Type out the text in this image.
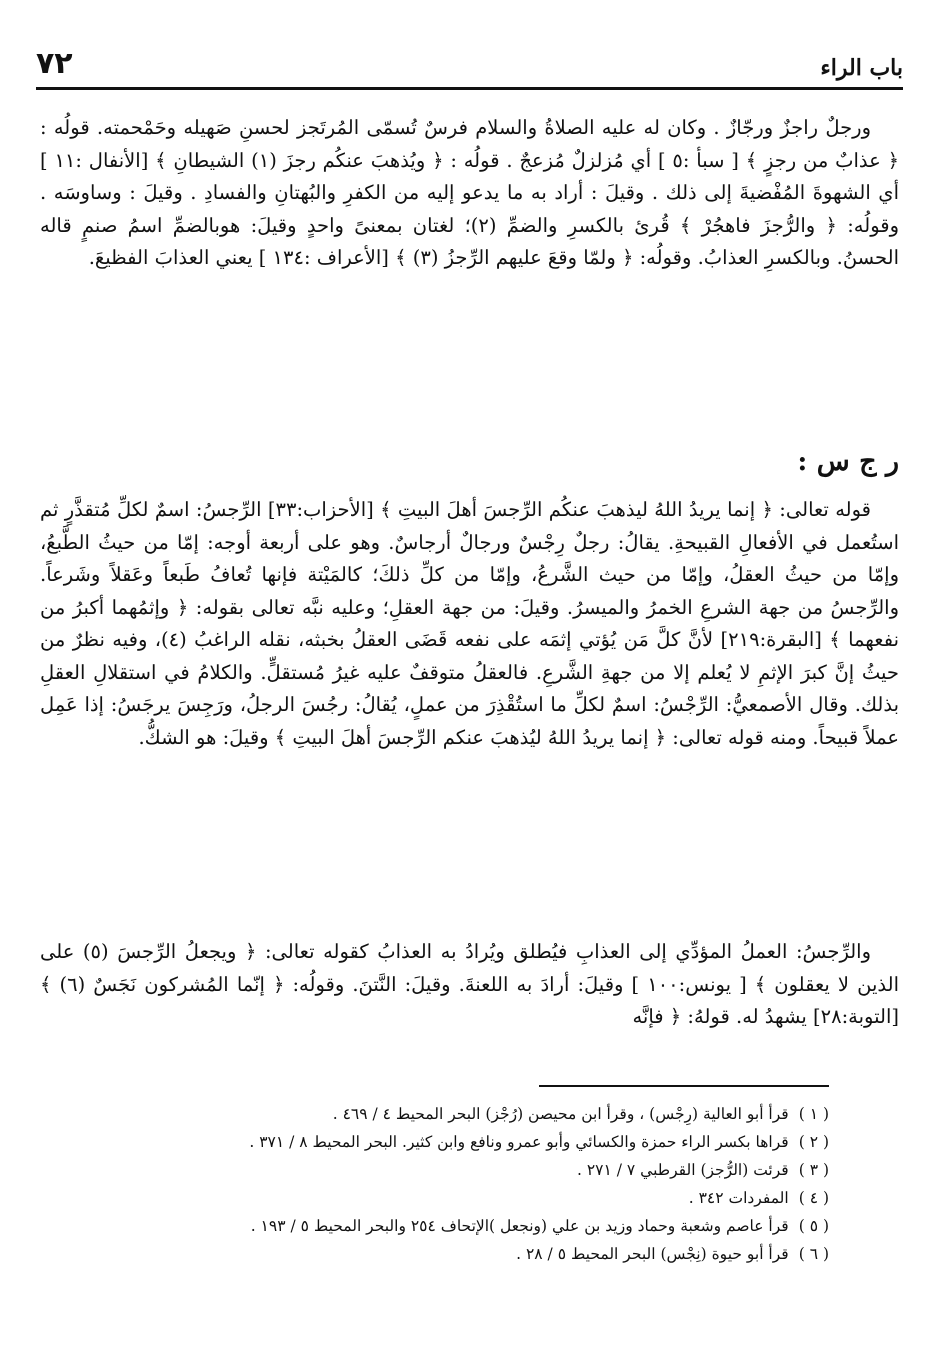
٧٢	باب الراء

ورجلٌ راجزٌ ورجّازٌ . وكان له عليه الصلاةُ والسلام فرسٌ تُسمّى المُرتَجز لحسنِ صَهيله وحَمْحمته. قولُه : ﴿ عذابٌ من رجزٍ ﴾ [ سبأ :٥ ] أي مُزلزلٌ مُزعجٌ . قولُه : ﴿ ويُذهبَ عنكُم رجزَ (١) الشيطانِ ﴾ [الأنفال :١١ ] أي الشهوةَ المُفْضيةَ إلى ذلك . وقيلَ : أراد به ما يدعو إليه من الكفرِ والبُهتانِ والفسادِ . وقيلَ : وساوسَه . وقولُه: ﴿ والرُّجزَ فاهجُرْ ﴾ قُرئ بالكسرِ والضمِّ (٢)؛ لغتان بمعنىً واحدٍ وقيلَ: هوبالضمِّ اسمُ صنمٍ قاله الحسنُ. وبالكسرِ العذابُ. وقولُه: ﴿ ولمّا وقعَ عليهم الرِّجزُ (٣) ﴾ [الأعراف :١٣٤ ] يعني العذابَ الفظيعَ.

ر ج س :

قوله تعالى: ﴿ إنما يريدُ اللهُ ليذهبَ عنكُم الرِّجسَ أهلَ البيتِ ﴾ [الأحزاب:٣٣] الرِّجسُ: اسمٌ لكلِّ مُتقذَّرٍ ثم استُعمل في الأفعالِ القبيحةِ. يقالُ: رجلٌ رِجْسٌ ورجالٌ أرجاسٌ. وهو على أربعة أوجه: إمّا من حيثُ الطَّبعُ، وإمّا من حيثُ العقلُ، وإمّا من حيث الشَّرعُ، وإمّا من كلِّ ذلكَ؛ كالمَيْتة فإنها تُعافُ طَبعاً وعَقلاً وشَرعاً. والرِّجسُ من جهة الشرعِ الخمرُ والميسرُ. وقيلَ: من جهة العقلِ؛ وعليه نبَّه تعالى بقوله: ﴿ وإثمُهما أكبرُ من نفعهما ﴾ [البقرة:٢١٩] لأنَّ كلَّ مَن يُؤتي إثمَه على نفعه قَضَى العقلُ بخبثه، نقله الراغبُ (٤)، وفيه نظرٌ من حيثُ إنَّ كبرَ الإثمِ لا يُعلم إلا من جهةِ الشَّرعِ. فالعقلُ متوقفٌ عليه غيرُ مُستقلٍّ. والكلامُ في استقلالِ العقلِ بذلك. وقال الأصمعيُّ: الرِّجْسُ: اسمٌ لكلِّ ما استُقْذِرَ من عملٍ، يُقالُ: رجُسَ الرجلُ، ورَجِسَ يرجَسُ: إذا عَمِل عملاً قبيحاً. ومنه قوله تعالى: ﴿ إنما يريدُ اللهُ ليُذهبَ عنكم الرِّجسَ أهلَ البيتِ ﴾ وقيلَ: هو الشكُّ.

والرِّجسُ: العملُ المؤدِّي إلى العذابِ فيُطلق ويُرادُ به العذابُ كقوله تعالى: ﴿ ويجعلُ الرِّجسَ (٥) على الذين لا يعقلون ﴾ [ يونس:١٠٠ ] وقيلَ: أرادَ به اللعنةَ. وقيلَ: النَّتنَ. وقولُه: ﴿ إنّما المُشركون نَجَسٌ (٦) ﴾ [التوبة:٢٨] يشهدُ له. قولهُ: ﴿ فإنَّه

( ١ )قرأ أبو العالية (رِجْس) ، وقرأ ابن محيصن (رُجْز) البحر المحيط ٤ / ٤٦٩ .
( ٢ )قراها بكسر الراء حمزة والكسائي وأبو عمرو ونافع وابن كثير. البحر المحيط ٨ / ٣٧١ .
( ٣ )قرئت (الرُّجز) القرطبي ٧ / ٢٧١ .
( ٤ )المفردات ٣٤٢ .
( ٥ )قرأ عاصم وشعبة وحماد وزيد بن علي (ونجعل )الإتحاف ٢٥٤ والبحر المحيط ٥ / ١٩٣ .
( ٦ )قرأ أبو حيوة (نِجْس) البحر المحيط ٥ / ٢٨ .
